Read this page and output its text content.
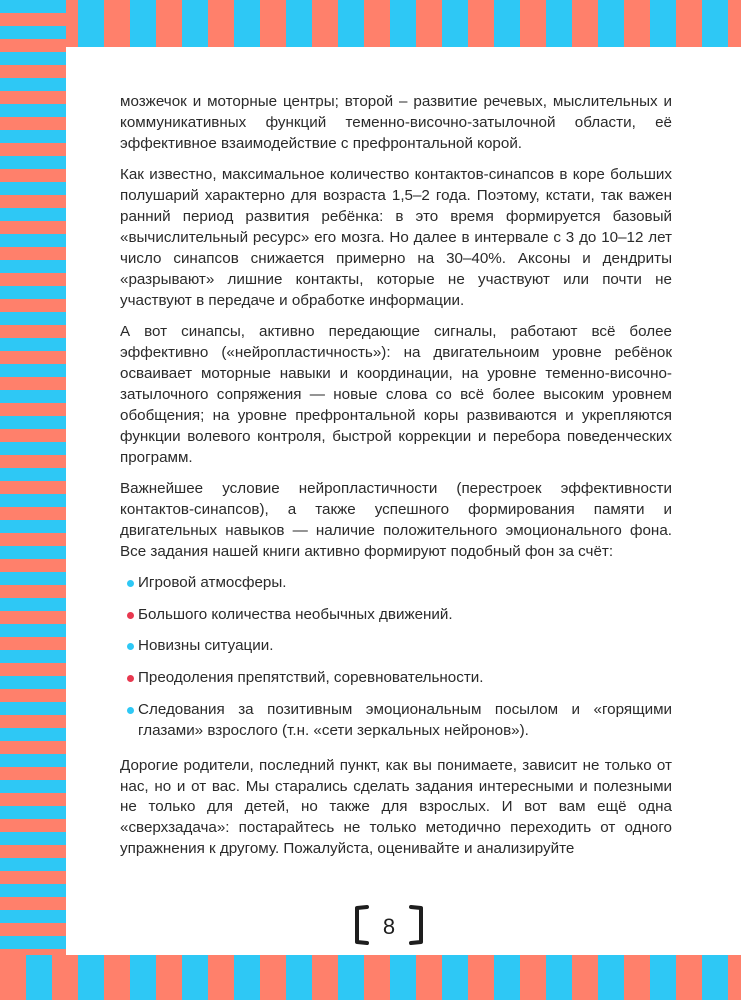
мозжечок и моторные центры; второй – развитие речевых, мыслительных и коммуникативных функций теменно-височно-затылочной области, её эффективное взаимодействие с префронтальной корой.

Как известно, максимальное количество контактов-синапсов в коре больших полушарий характерно для возраста 1,5–2 года. Поэтому, кстати, так важен ранний период развития ребёнка: в это время формируется базовый «вычислительный ресурс» его мозга. Но далее в интервале с 3 до 10–12 лет число синапсов снижается примерно на 30–40%. Аксоны и дендриты «разрывают» лишние контакты, которые не участвуют или почти не участвуют в передаче и обработке информации.

А вот синапсы, активно передающие сигналы, работают всё более эффективно («нейропластичность»): на двигательноим уровне ребёнок осваивает моторные навыки и координации, на уровне теменно-височно-затылочного сопряжения — новые слова со всё более высоким уровнем обобщения; на уровне префронтальной коры развиваются и укрепляются функции волевого контроля, быстрой коррекции и перебора поведенческих программ.

Важнейшее условие нейропластичности (перестроек эффективности контактов-синапсов), а также успешного формирования памяти и двигательных навыков — наличие положительного эмоционального фона. Все задания нашей книги активно формируют подобный фон за счёт:

Игровой атмосферы.
Большого количества необычных движений.
Новизны ситуации.
Преодоления препятствий, соревновательности.
Следования за позитивным эмоциональным посылом и «горящими глазами» взрослого (т.н. «сети зеркальных нейронов»).

Дорогие родители, последний пункт, как вы понимаете, зависит не только от нас, но и от вас. Мы старались сделать задания интересными и полезными не только для детей, но также для взрослых. И вот вам ещё одна «сверхзадача»: постарайтесь не только методично переходить от одного упражнения к другому. Пожалуйста, оценивайте и анализируйте

8
